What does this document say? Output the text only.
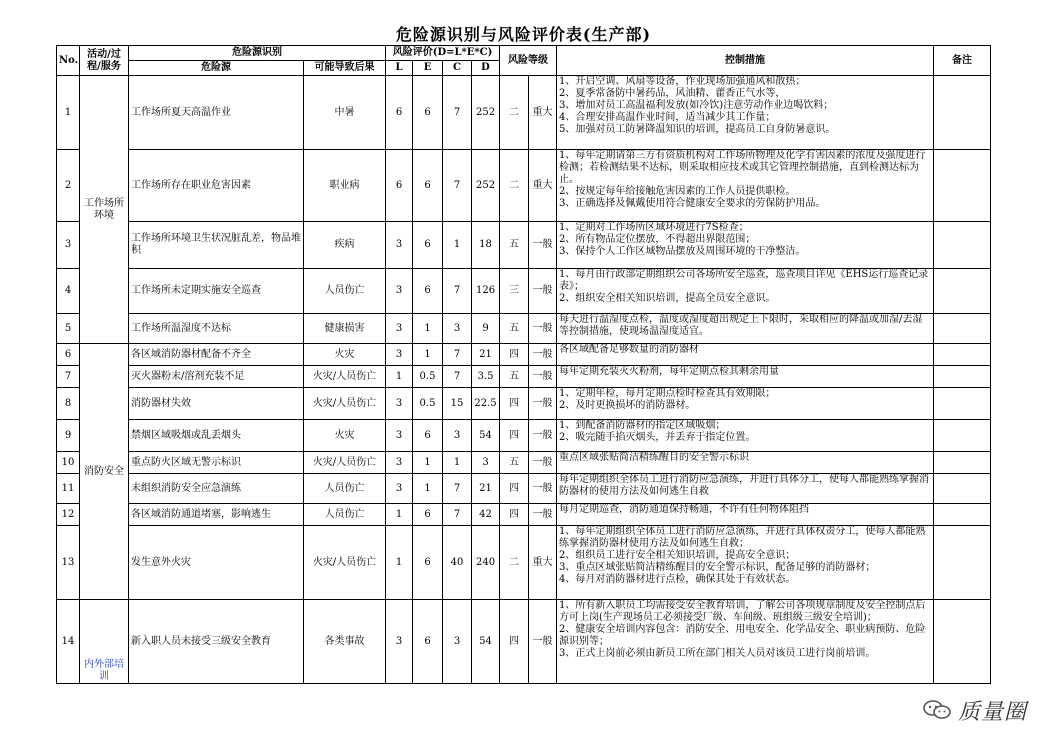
危险源识别与风险评价表(生产部)
No.	活动/过程/服务	危险源识别		风险评价(D=L*E*C)				风险等级		控制措施	备注
		危险源	可能导致后果	L	E	C	D				
1	工作场所环境	工作场所夏天高温作业	中暑	6	6	7	252	二	重大	1、开启空调、风扇等设备，作业现场加强通风和散热；
2、夏季常备防中暑药品，风油精、藿香正气水等，
3、增加对员工高温福利发放(如冷饮)注意劳动作业边喝饮料；
4、合理安排高温作业时间，适当减少其工作量；
5、加强对员工防暑降温知识的培训，提高员工自身防暑意识。	
2		工作场所存在职业危害因素	职业病	6	6	7	252	二	重大	1、每年定期请第三方有资质机构对工作场所物理及化学有害因素的浓度及强度进行检测；若检测结果不达标，则采取相应技术或其它管理控制措施，直到检测达标为止。
2、按规定每年给接触危害因素的工作人员提供职检。
3、正确选择及佩戴使用符合健康安全要求的劳保防护用品。	
3		工作场所环境卫生状况脏乱差，物品堆积	疾病	3	6	1	18	五	一般	1、定期对工作场所区域环境进行7S检查；
2、所有物品定位摆放，不得超出界限范围；
3、保持个人工作区域物品摆放及周围环境的干净整洁。	
4		工作场所未定期实施安全巡查	人员伤亡	3	6	7	126	三	一般	1、每月由行政部定期组织公司各场所安全巡查，巡查项目详见《EHS运行巡查记录表》；
2、组织安全相关知识培训，提高全员安全意识。	
5		工作场所温湿度不达标	健康损害	3	1	3	9	五	一般	每天进行温湿度点检，温度或湿度超出规定上下限时，采取相应的降温或加湿/去湿等控制措施，使现场温湿度适宜。	
6	消防安全	各区域消防器材配备不齐全	火灾	3	1	7	21	四	一般	各区域配备足够数量的消防器材	
7		灭火器粉末/溶剂充装不足	火灾/人员伤亡	1	0.5	7	3.5	五	一般	每年定期充装灭火粉剂，每年定期点检其剩余用量	
8		消防器材失效	火灾/人员伤亡	3	0.5	15	22.5	四	一般	1、定期年检，每月定期点检时检查其有效期限；
2、及时更换损坏的消防器材。	
9		禁烟区域吸烟或乱丢烟头	火灾	3	6	3	54	四	一般	1、到配备消防器材的指定区域吸烟；
2、吸完随手掐灭烟头，并丢弃于指定位置。	
10		重点防火区域无警示标识	火灾/人员伤亡	3	1	1	3	五	一般	重点区域张贴简洁精练醒目的安全警示标识	
11		未组织消防安全应急演练	人员伤亡	3	1	7	21	四	一般	每年定期组织全体员工进行消防应急演练，并进行具体分工，使每人都能熟练掌握消防器材的使用方法及如何逃生自救	
12		各区域消防通道堵塞，影响逃生	人员伤亡	1	6	7	42	四	一般	每月定期巡查，消防通道保持畅通，不许有任何物体阻挡	
13		发生意外火灾	火灾/人员伤亡	1	6	40	240	二	重大	1、每年定期组织全体员工进行消防应急演练，并进行具体权责分工，使每人都能熟练掌握消防器材使用方法及如何逃生自救；
2、组织员工进行安全相关知识培训，提高安全意识；
3、重点区域张贴简洁精练醒目的安全警示标识，配备足够的消防器材；
4、每月对消防器材进行点检，确保其处于有效状态。	
14	内外部培训	新入职人员未接受三级安全教育	各类事故	3	6	3	54	四	一般	1、所有新入职员工均需接受安全教育培训，了解公司各项规章制度及安全控制点后方可上岗(生产现场员工必须接受厂级、车间级、班组级三级安全培训)；
2、健康安全培训内容包含：消防安全、用电安全、化学品安全、职业病预防、危险源识别等；
3、正式上岗前必须由新员工所在部门相关人员对该员工进行岗前培训。	
质量圈
